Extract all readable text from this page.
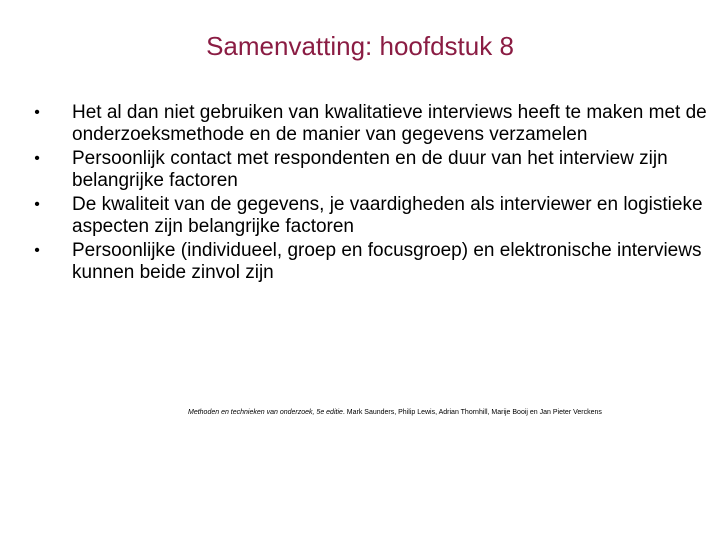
Samenvatting: hoofdstuk 8
• Het al dan niet gebruiken van kwalitatieve interviews heeft te maken met de onderzoeksmethode en de manier van gegevens verzamelen
• Persoonlijk contact met respondenten en de duur van het interview zijn belangrijke factoren
• De kwaliteit van de gegevens, je vaardigheden als interviewer en logistieke aspecten zijn belangrijke factoren
• Persoonlijke (individueel, groep en focusgroep) en elektronische interviews kunnen beide zinvol zijn
Methoden en technieken van onderzoek, 5e editie. Mark Saunders, Philip Lewis, Adrian Thornhill, Marije Booij en Jan Pieter Verckens
